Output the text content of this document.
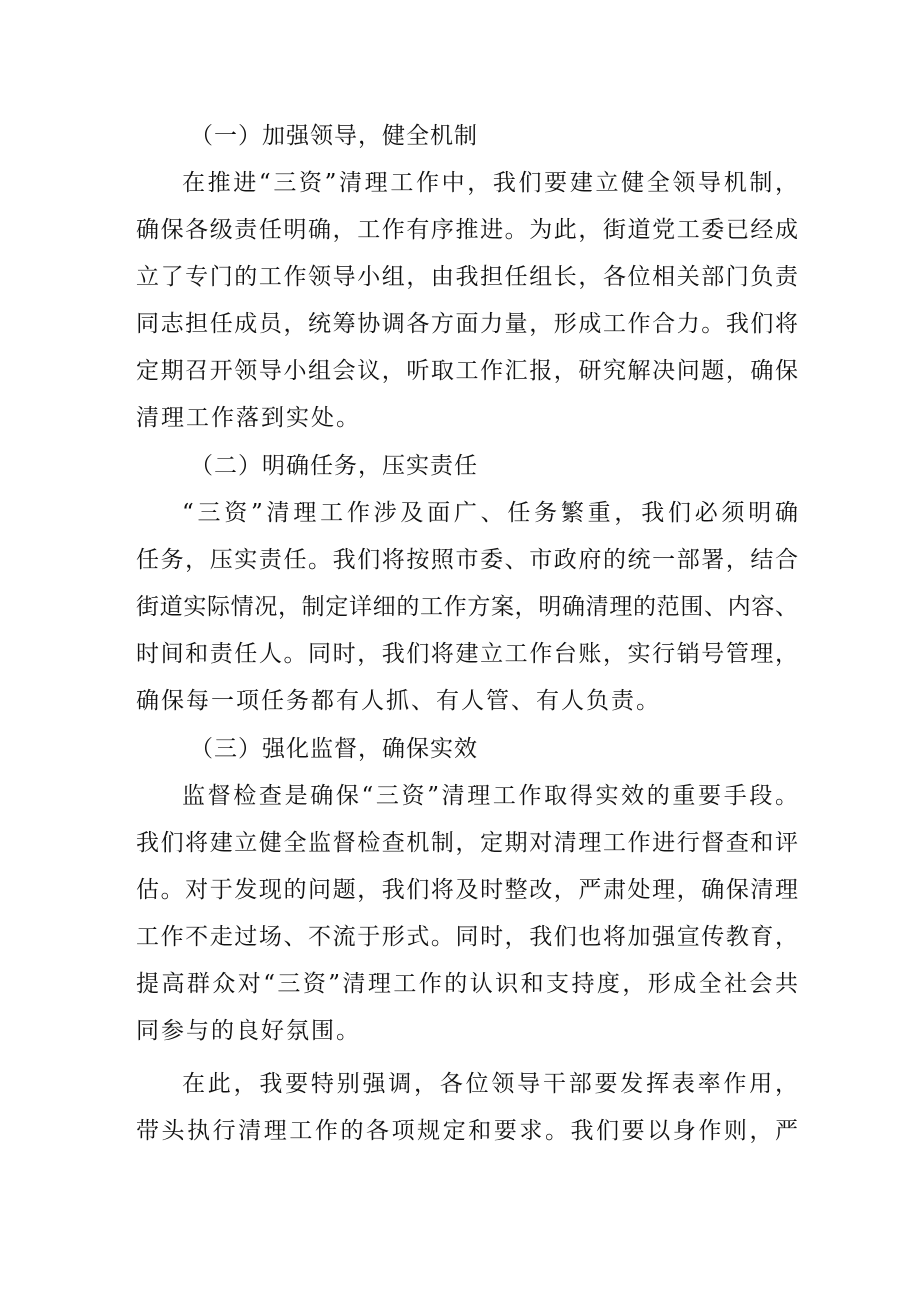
（一）加强领导，健全机制
在推进“三资”清理工作中，我们要建立健全领导机制，
确保各级责任明确，工作有序推进。为此，街道党工委已经成
立了专门的工作领导小组，由我担任组长，各位相关部门负责
同志担任成员，统筹协调各方面力量，形成工作合力。我们将
定期召开领导小组会议，听取工作汇报，研究解决问题，确保
清理工作落到实处。
（二）明确任务，压实责任
“三资”清理工作涉及面广、任务繁重，我们必须明确
任务，压实责任。我们将按照市委、市政府的统一部署，结合
街道实际情况，制定详细的工作方案，明确清理的范围、内容、
时间和责任人。同时，我们将建立工作台账，实行销号管理，
确保每一项任务都有人抓、有人管、有人负责。
（三）强化监督，确保实效
监督检查是确保“三资”清理工作取得实效的重要手段。
我们将建立健全监督检查机制，定期对清理工作进行督查和评
估。对于发现的问题，我们将及时整改，严肃处理，确保清理
工作不走过场、不流于形式。同时，我们也将加强宣传教育，
提高群众对“三资”清理工作的认识和支持度，形成全社会共
同参与的良好氛围。
在此，我要特别强调，各位领导干部要发挥表率作用，
带头执行清理工作的各项规定和要求。我们要以身作则，严
